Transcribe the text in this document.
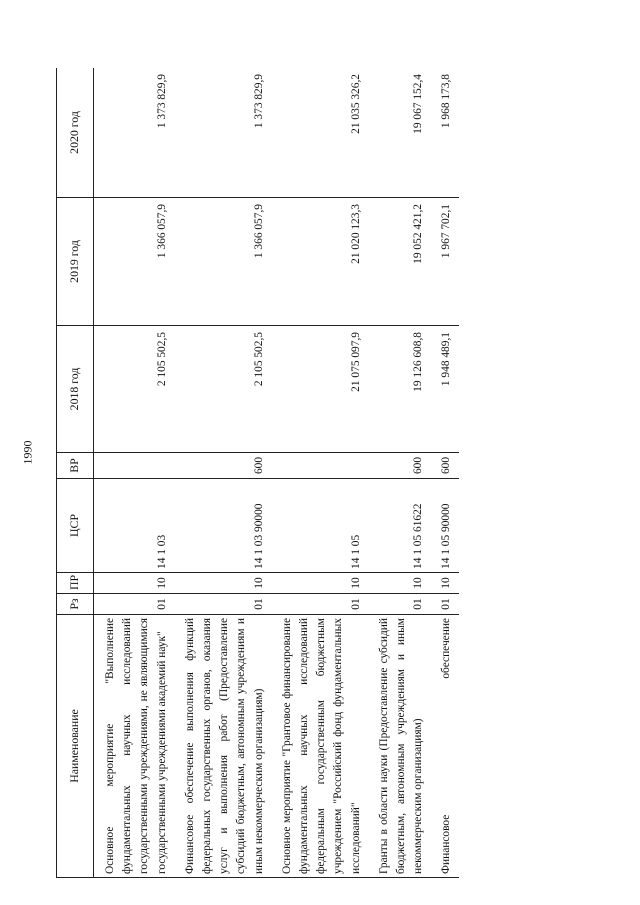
1990
Наименование	Рз	ПР	ЦСР	ВР	2018 год	2019 год	2020 год
Основное мероприятие "Выполнение фундаментальных научных исследований государственными учреждениями, не являющимися государственными учреждениями академий наук"	01	10	14 1 03		2 105 502,5	1 366 057,9	1 373 829,9
Финансовое обеспечение выполнения функций федеральных государственных органов, оказания услуг и выполнения работ (Предоставление субсидий бюджетным, автономным учреждениям и иным некоммерческим организациям)	01	10	14 1 03 90000	600	2 105 502,5	1 366 057,9	1 373 829,9
Основное мероприятие "Грантовое финансирование фундаментальных научных исследований федеральным государственным бюджетным учреждением "Российский фонд фундаментальных исследований"	01	10	14 1 05		21 075 097,9	21 020 123,3	21 035 326,2
Гранты в области науки (Предоставление субсидий бюджетным, автономным учреждениям и иным некоммерческим организациям)	01	10	14 1 05 61622	600	19 126 608,8	19 052 421,2	19 067 152,4
Финансовое обеспечение	01	10	14 1 05 90000	600	1 948 489,1	1 967 702,1	1 968 173,8
